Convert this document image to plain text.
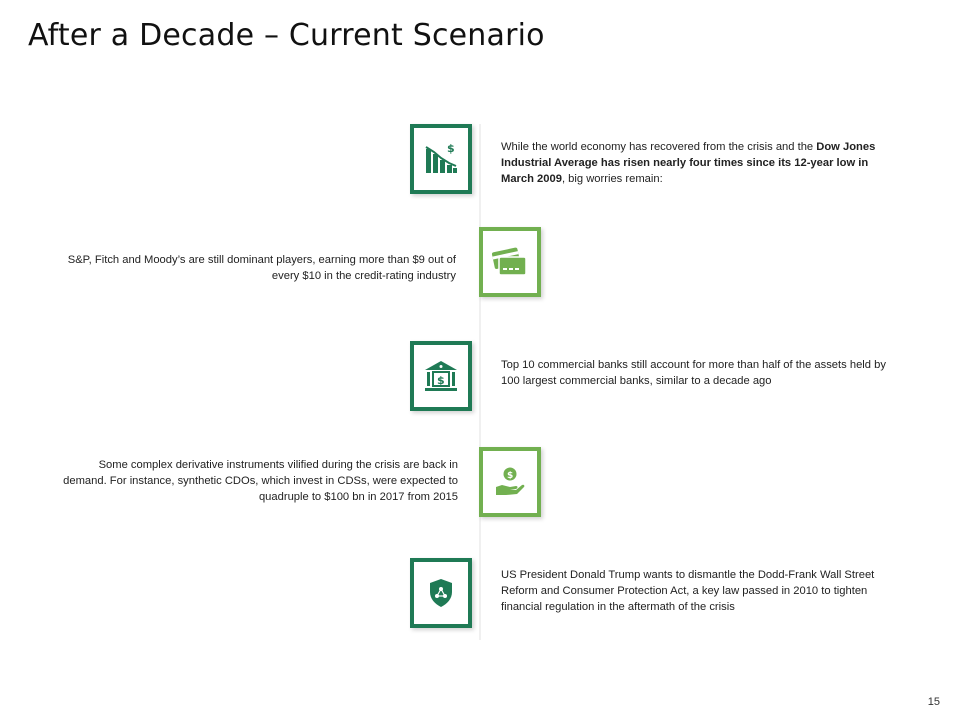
After a Decade – Current Scenario
$	While the world economy has recovered from the crisis and the Dow Jones Industrial Average has risen nearly four times since its 12-year low in March 2009, big worries remain:

S&P, Fitch and Moody’s are still dominant players, earning more than $9 out of every $10 in the credit-rating industry

$

Top 10 commercial banks still account for more than half of the assets held by 100 largest commercial banks, similar to a decade ago

$

Some complex derivative instruments vilified during the crisis are back in demand. For instance, synthetic CDOs, which invest in CDSs, were expected to quadruple to $100 bn in 2017 from 2015

US President Donald Trump wants to dismantle the Dodd-Frank Wall Street Reform and Consumer Protection Act, a key law passed in 2010 to tighten financial regulation in the aftermath of the crisis

15
